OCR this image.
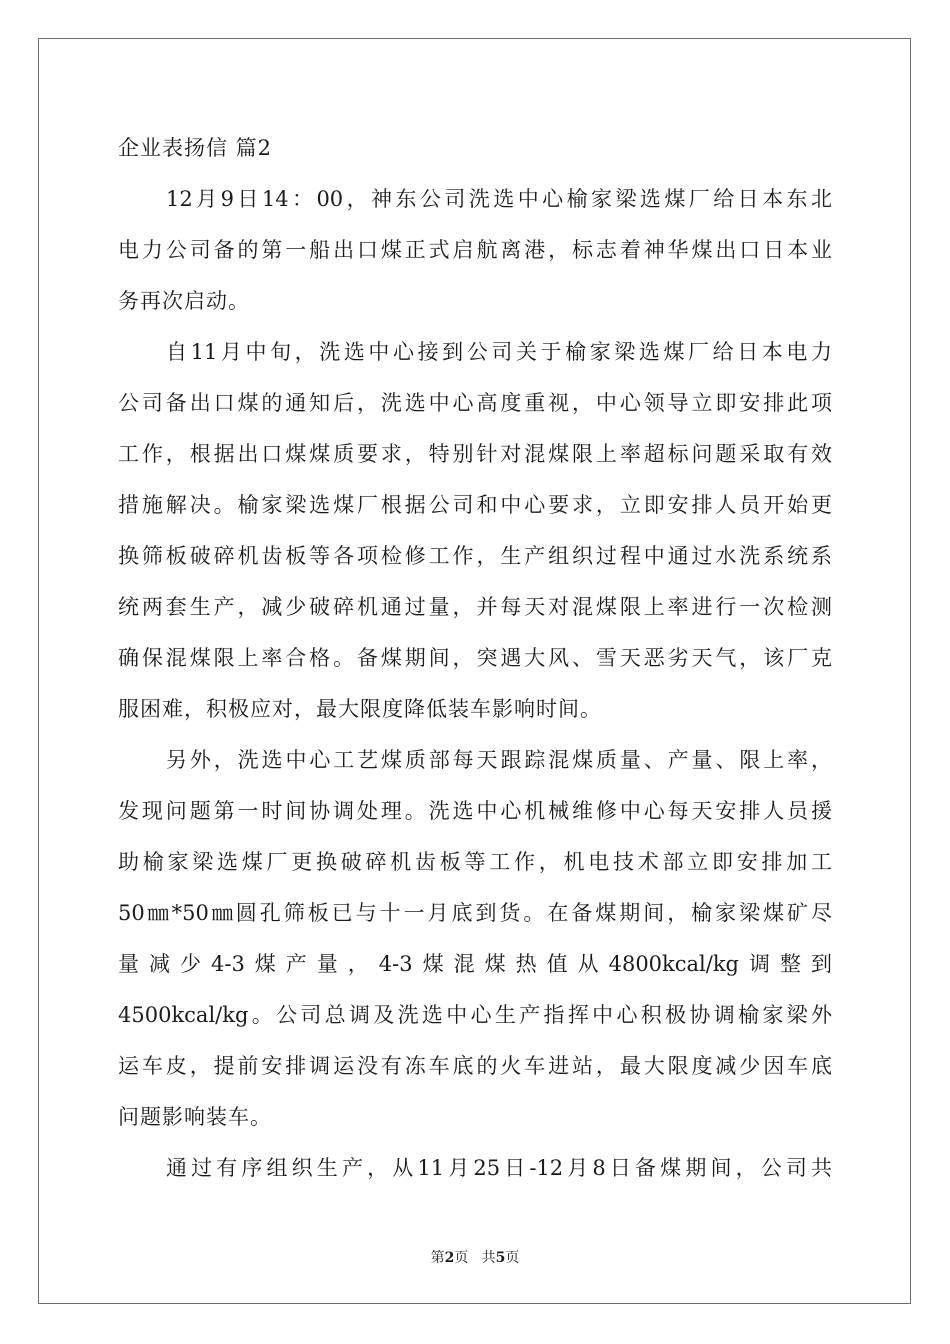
企业表扬信 篇2
12月9日14：00，神东公司洗选中心榆家梁选煤厂给日本东北
电力公司备的第一船出口煤正式启航离港，标志着神华煤出口日本业
务再次启动。
自11月中旬，洗选中心接到公司关于榆家梁选煤厂给日本电力
公司备出口煤的通知后，洗选中心高度重视，中心领导立即安排此项
工作，根据出口煤煤质要求，特别针对混煤限上率超标问题采取有效
措施解决。榆家梁选煤厂根据公司和中心要求，立即安排人员开始更
换筛板破碎机齿板等各项检修工作，生产组织过程中通过水洗系统系
统两套生产，减少破碎机通过量，并每天对混煤限上率进行一次检测
确保混煤限上率合格。备煤期间，突遇大风、雪天恶劣天气，该厂克
服困难，积极应对，最大限度降低装车影响时间。
另外，洗选中心工艺煤质部每天跟踪混煤质量、产量、限上率，
发现问题第一时间协调处理。洗选中心机械维修中心每天安排人员援
助榆家梁选煤厂更换破碎机齿板等工作，机电技术部立即安排加工
50㎜*50㎜圆孔筛板已与十一月底到货。在备煤期间，榆家梁煤矿尽
量减少4-3煤产量，4-3煤混煤热值从4800kcal/kg调整到
4500kcal/kg。公司总调及洗选中心生产指挥中心积极协调榆家梁外
运车皮，提前安排调运没有冻车底的火车进站，最大限度减少因车底
问题影响装车。
通过有序组织生产，从11月25日-12月8日备煤期间，公司共
第2页   共5页
